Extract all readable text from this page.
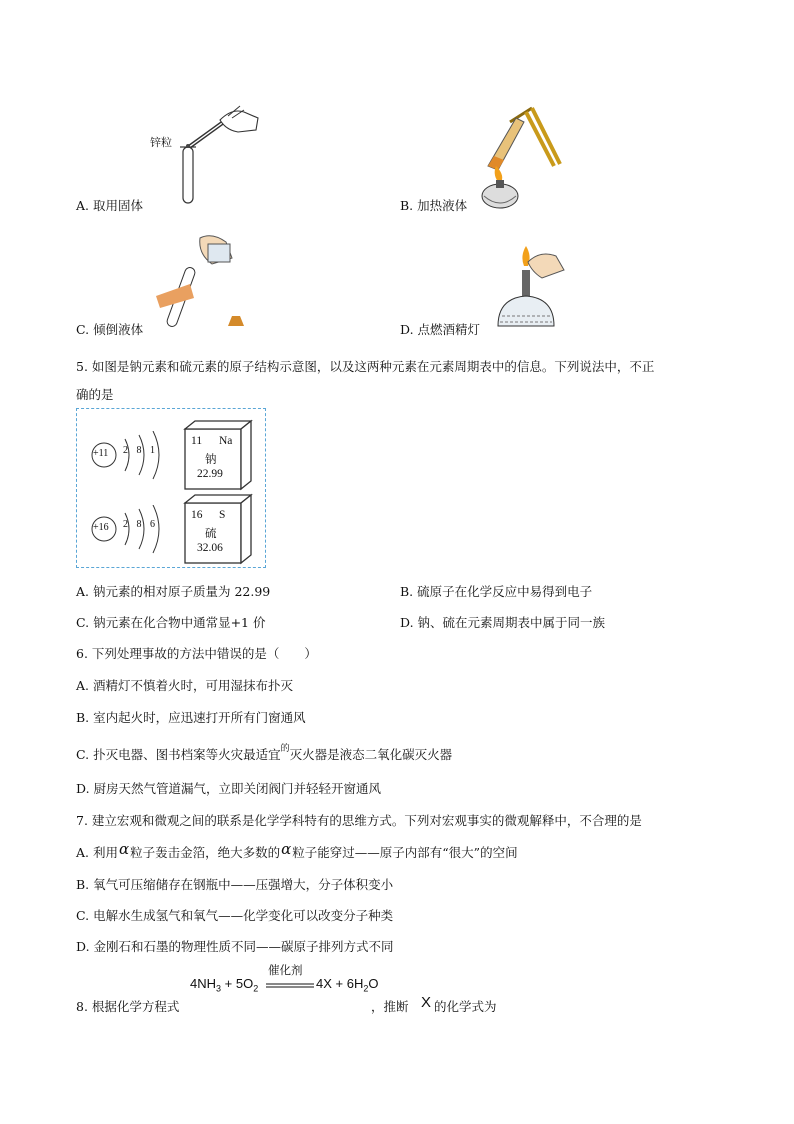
锌粒
A. 取用固体	B. 加热液体
C. 倾倒液体	D. 点燃酒精灯
5. 如图是钠元素和硫元素的原子结构示意图，以及这两种元素在元素周期表中的信息。下列说法中，不正
确的是
+11 2 8 1
11 Na
钠
22.99
+16 2 8 6
16 S
硫
32.06
A. 钠元素的相对原子质量为 22.99	B. 硫原子在化学反应中易得到电子
C. 钠元素在化合物中通常显+1 价	D. 钠、硫在元素周期表中属于同一族
6. 下列处理事故的方法中错误的是（　　）
A. 酒精灯不慎着火时，可用湿抹布扑灭
B. 室内起火时，应迅速打开所有门窗通风
C. 扑灭电器、图书档案等火灾最适宜$^的$灭火器是液态二氧化碳灭火器
D. 厨房天然气管道漏气，立即关闭阀门并轻轻开窗通风
7. 建立宏观和微观之间的联系是化学学科特有的思维方式。下列对宏观事实的微观解释中，不合理的是
A. 利用α粒子轰击金箔，绝大多数的α粒子能穿过——原子内部有“很大”的空间
B. 氧气可压缩储存在钢瓶中——压强增大，分子体积变小
C. 电解水生成氢气和氧气——化学变化可以改变分子种类
D. 金刚石和石墨的物理性质不同——碳原子排列方式不同
催化剂
$4NH_3 + 5O_2$	$4X + 6H_2O$
8. 根据化学方程式	，推断 X 的化学式为
